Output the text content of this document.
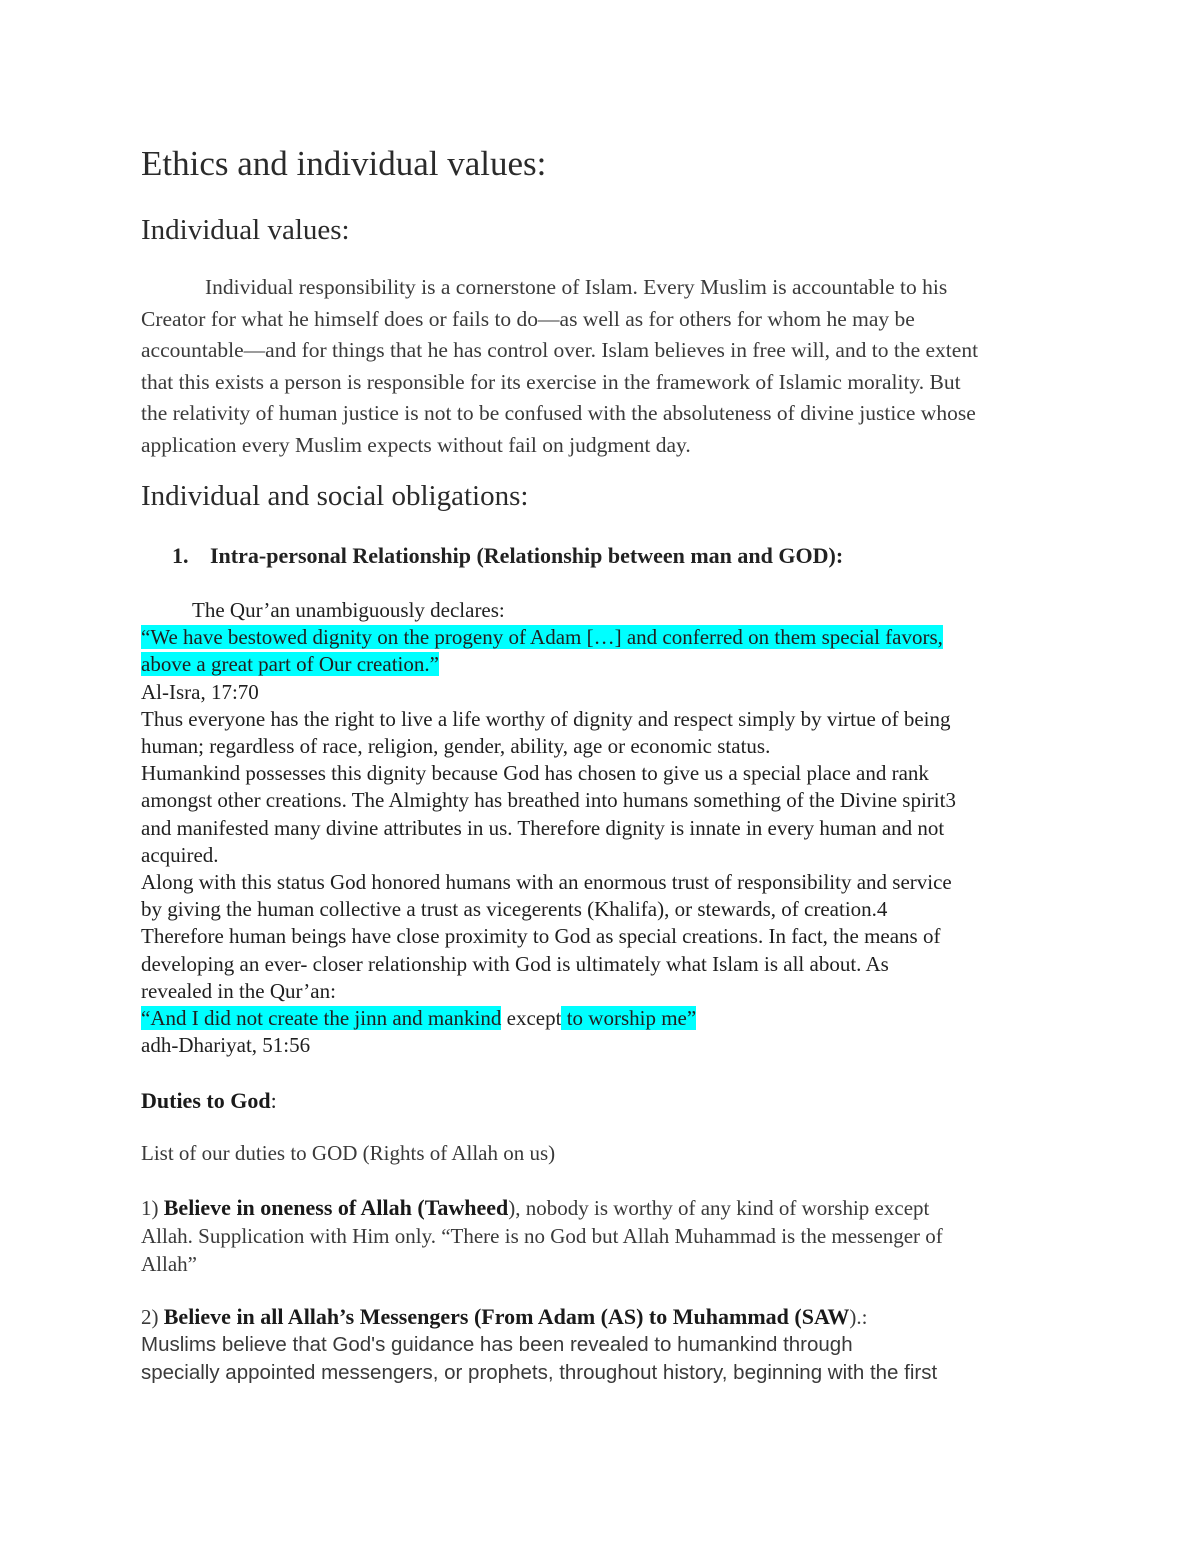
Ethics and individual values:
Individual values:
Individual responsibility is a cornerstone of Islam. Every Muslim is accountable to his
Creator for what he himself does or fails to do—as well as for others for whom he may be
accountable—and for things that he has control over. Islam believes in free will, and to the extent
that this exists a person is responsible for its exercise in the framework of Islamic morality. But
the relativity of human justice is not to be confused with the absoluteness of divine justice whose
application every Muslim expects without fail on judgment day.
Individual and social obligations:
1. Intra-personal Relationship (Relationship between man and GOD):
The Qur’an unambiguously declares:
“We have bestowed dignity on the progeny of Adam […] and conferred on them special favors,
above a great part of Our creation.”
Al-Isra, 17:70
Thus everyone has the right to live a life worthy of dignity and respect simply by virtue of being
human; regardless of race, religion, gender, ability, age or economic status.
Humankind possesses this dignity because God has chosen to give us a special place and rank
amongst other creations. The Almighty has breathed into humans something of the Divine spirit3
and manifested many divine attributes in us. Therefore dignity is innate in every human and not
acquired.
Along with this status God honored humans with an enormous trust of responsibility and service
by giving the human collective a trust as vicegerents (Khalifa), or stewards, of creation.4
Therefore human beings have close proximity to God as special creations. In fact, the means of
developing an ever- closer relationship with God is ultimately what Islam is all about. As
revealed in the Qur’an:
“And I did not create the jinn and mankind except to worship me”
adh-Dhariyat, 51:56
Duties to God:
List of our duties to GOD (Rights of Allah on us)
1) Believe in oneness of Allah (Tawheed), nobody is worthy of any kind of worship except
Allah. Supplication with Him only. “There is no God but Allah Muhammad is the messenger of
Allah”
2) Believe in all Allah’s Messengers (From Adam (AS) to Muhammad (SAW).:
Muslims believe that God's guidance has been revealed to humankind through
specially appointed messengers, or prophets, throughout history, beginning with the first
